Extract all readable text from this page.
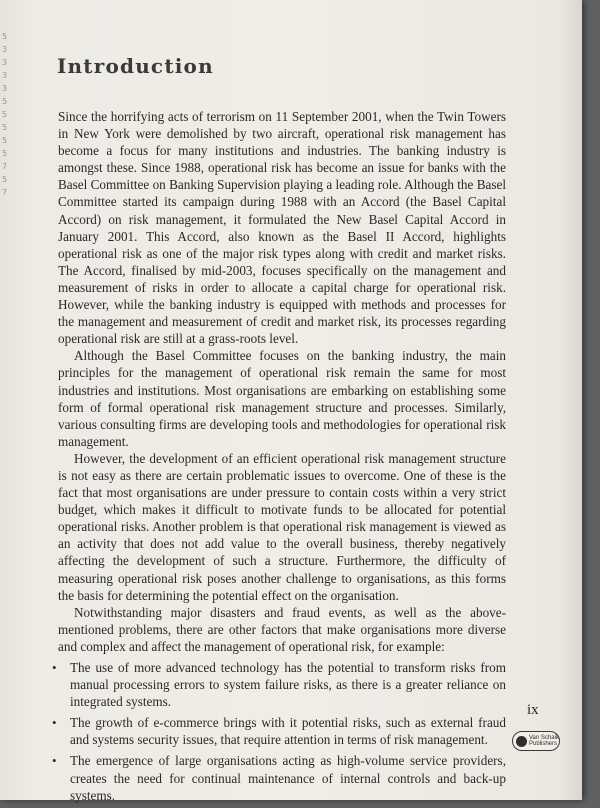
5
3
3
3
3
5
5
5
5
5
7
5
7
Introduction

Since the horrifying acts of terrorism on 11 September 2001, when the Twin Towers in New York were demolished by two aircraft, operational risk management has become a focus for many institutions and industries. The banking industry is amongst these. Since 1988, operational risk has become an issue for banks with the Basel Committee on Banking Supervision playing a leading role. Although the Basel Committee started its campaign during 1988 with an Accord (the Basel Capital Accord) on risk management, it formulated the New Basel Capital Accord in January 2001. This Accord, also known as the Basel II Accord, highlights operational risk as one of the major risk types along with credit and market risks. The Accord, finalised by mid-2003, focuses specifically on the management and measurement of risks in order to allocate a capital charge for operational risk. However, while the banking industry is equipped with methods and processes for the management and measurement of credit and market risk, its processes regarding operational risk are still at a grass-roots level.

Although the Basel Committee focuses on the banking industry, the main principles for the management of operational risk remain the same for most industries and institutions. Most organisations are embarking on establishing some form of formal operational risk management structure and processes. Similarly, various consulting firms are developing tools and methodologies for operational risk management.

However, the development of an efficient operational risk management structure is not easy as there are certain problematic issues to overcome. One of these is the fact that most organisations are under pressure to contain costs within a very strict budget, which makes it difficult to motivate funds to be allocated for potential operational risks. Another problem is that operational risk management is viewed as an activity that does not add value to the overall business, thereby negatively affecting the development of such a structure. Furthermore, the difficulty of measuring operational risk poses another challenge to organisations, as this forms the basis for determining the potential effect on the organisation.

Notwithstanding major disasters and fraud events, as well as the above-mentioned problems, there are other factors that make organisations more diverse and complex and affect the management of operational risk, for example:

• The use of more advanced technology has the potential to transform risks from manual processing errors to system failure risks, as there is a greater reliance on integrated systems.
• The growth of e-commerce brings with it potential risks, such as external fraud and systems security issues, that require attention in terms of risk management.
• The emergence of large organisations acting as high-volume service providers, creates the need for continual maintenance of internal controls and back-up systems.
ix
Van Schaik
Publishers
